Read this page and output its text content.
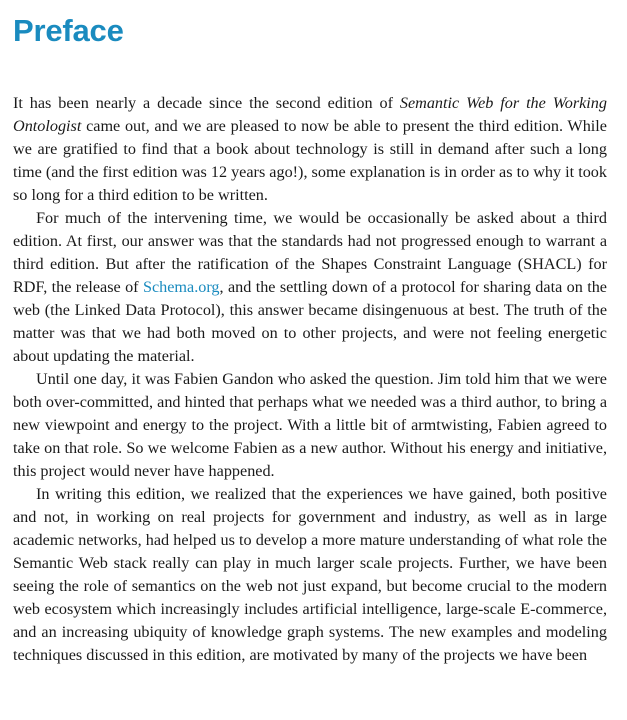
Preface

It has been nearly a decade since the second edition of Semantic Web for the Working Ontologist came out, and we are pleased to now be able to present the third edition. While we are gratified to find that a book about technology is still in demand after such a long time (and the first edition was 12 years ago!), some explanation is in order as to why it took so long for a third edition to be written.

For much of the intervening time, we would be occasionally be asked about a third edition. At first, our answer was that the standards had not progressed enough to warrant a third edition. But after the ratification of the Shapes Constraint Language (SHACL) for RDF, the release of Schema.org, and the settling down of a protocol for sharing data on the web (the Linked Data Protocol), this answer became disingenuous at best. The truth of the matter was that we had both moved on to other projects, and were not feeling energetic about updating the material.

Until one day, it was Fabien Gandon who asked the question. Jim told him that we were both over-committed, and hinted that perhaps what we needed was a third author, to bring a new viewpoint and energy to the project. With a little bit of armtwisting, Fabien agreed to take on that role. So we welcome Fabien as a new author. Without his energy and initiative, this project would never have happened.

In writing this edition, we realized that the experiences we have gained, both positive and not, in working on real projects for government and industry, as well as in large academic networks, had helped us to develop a more mature understanding of what role the Semantic Web stack really can play in much larger scale projects. Further, we have been seeing the role of semantics on the web not just expand, but become crucial to the modern web ecosystem which increasingly includes artificial intelligence, large-scale E-commerce, and an increasing ubiquity of knowledge graph systems. The new examples and modeling techniques discussed in this edition, are motivated by many of the projects we have been
